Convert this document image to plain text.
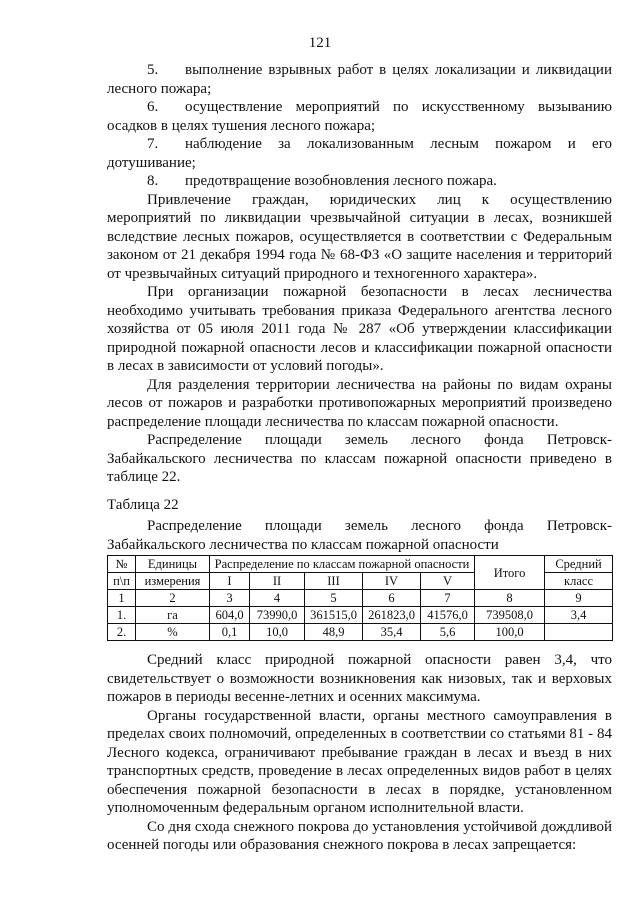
121

5. выполнение взрывных работ в целях локализации и ликвидации лесного пожара;

6. осуществление мероприятий по искусственному вызыванию осадков в целях тушения лесного пожара;

7. наблюдение за локализованным лесным пожаром и его дотушивание;

8. предотвращение возобновления лесного пожара.

Привлечение граждан, юридических лиц к осуществлению мероприятий по ликвидации чрезвычайной ситуации в лесах, возникшей вследствие лесных пожаров, осуществляется в соответствии с Федеральным законом от 21 декабря 1994 года № 68-ФЗ «О защите населения и территорий от чрезвычайных ситуаций природного и техногенного характера».

При организации пожарной безопасности в лесах лесничества необходимо учитывать требования приказа Федерального агентства лесного хозяйства от 05 июля 2011 года № 287 «Об утверждении классификации природной пожарной опасности лесов и классификации пожарной опасности в лесах в зависимости от условий погоды».

Для разделения территории лесничества на районы по видам охраны лесов от пожаров и разработки противопожарных мероприятий произведено распределение площади лесничества по классам пожарной опасности.

Распределение площади земель лесного фонда Петровск-Забайкальского лесничества по классам пожарной опасности приведено в таблице 22.

Таблица 22

Распределение площади земель лесного фонда Петровск-Забайкальского лесничества по классам пожарной опасности

№	Единицы	Распределение по классам пожарной опасности					Итого	Средний
п\п	измерения	I	II	III	IV	V		класс
1	2	3	4	5	6	7	8	9
1.	га	604,0	73990,0	361515,0	261823,0	41576,0	739508,0	3,4
2.	%	0,1	10,0	48,9	35,4	5,6	100,0	

Средний класс природной пожарной опасности равен 3,4, что свидетельствует о возможности возникновения как низовых, так и верховых пожаров в периоды весенне-летних и осенних максимума.

Органы государственной власти, органы местного самоуправления в пределах своих полномочий, определенных в соответствии со статьями 81 - 84 Лесного кодекса, ограничивают пребывание граждан в лесах и въезд в них транспортных средств, проведение в лесах определенных видов работ в целях обеспечения пожарной безопасности в лесах в порядке, установленном уполномоченным федеральным органом исполнительной власти.

Со дня схода снежного покрова до установления устойчивой дождливой осенней погоды или образования снежного покрова в лесах запрещается:
